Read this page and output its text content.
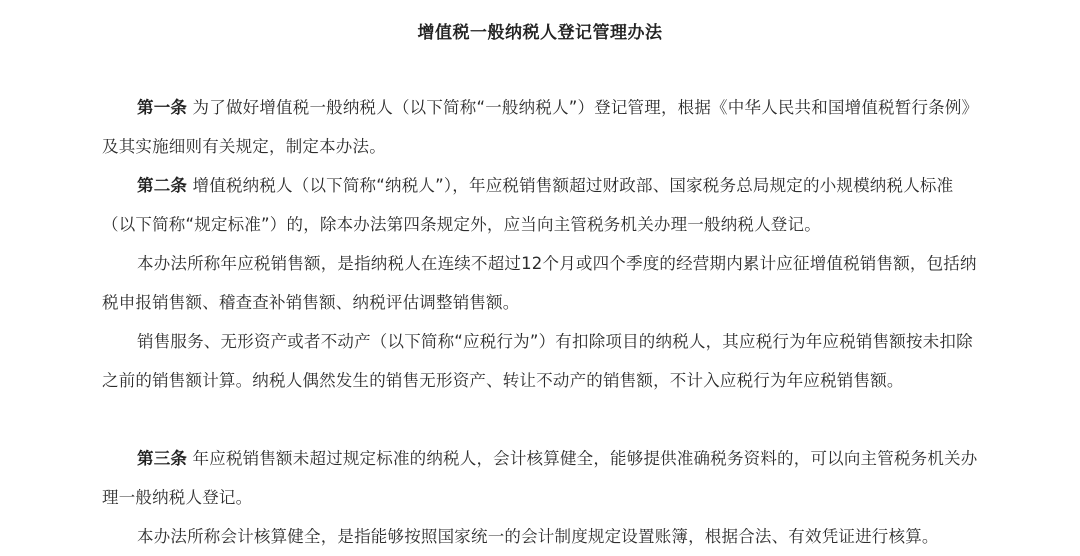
增值税一般纳税人登记管理办法

第一条 为了做好增值税一般纳税人（以下简称“一般纳税人”）登记管理，根据《中华人民共和国增值税暂行条例》及其实施细则有关规定，制定本办法。

第二条 增值税纳税人（以下简称“纳税人”），年应税销售额超过财政部、国家税务总局规定的小规模纳税人标准（以下简称“规定标准”）的，除本办法第四条规定外，应当向主管税务机关办理一般纳税人登记。

本办法所称年应税销售额，是指纳税人在连续不超过12个月或四个季度的经营期内累计应征增值税销售额，包括纳税申报销售额、稽查查补销售额、纳税评估调整销售额。

销售服务、无形资产或者不动产（以下简称“应税行为”）有扣除项目的纳税人，其应税行为年应税销售额按未扣除之前的销售额计算。纳税人偶然发生的销售无形资产、转让不动产的销售额，不计入应税行为年应税销售额。

第三条 年应税销售额未超过规定标准的纳税人，会计核算健全，能够提供准确税务资料的，可以向主管税务机关办理一般纳税人登记。

本办法所称会计核算健全，是指能够按照国家统一的会计制度规定设置账簿，根据合法、有效凭证进行核算。
